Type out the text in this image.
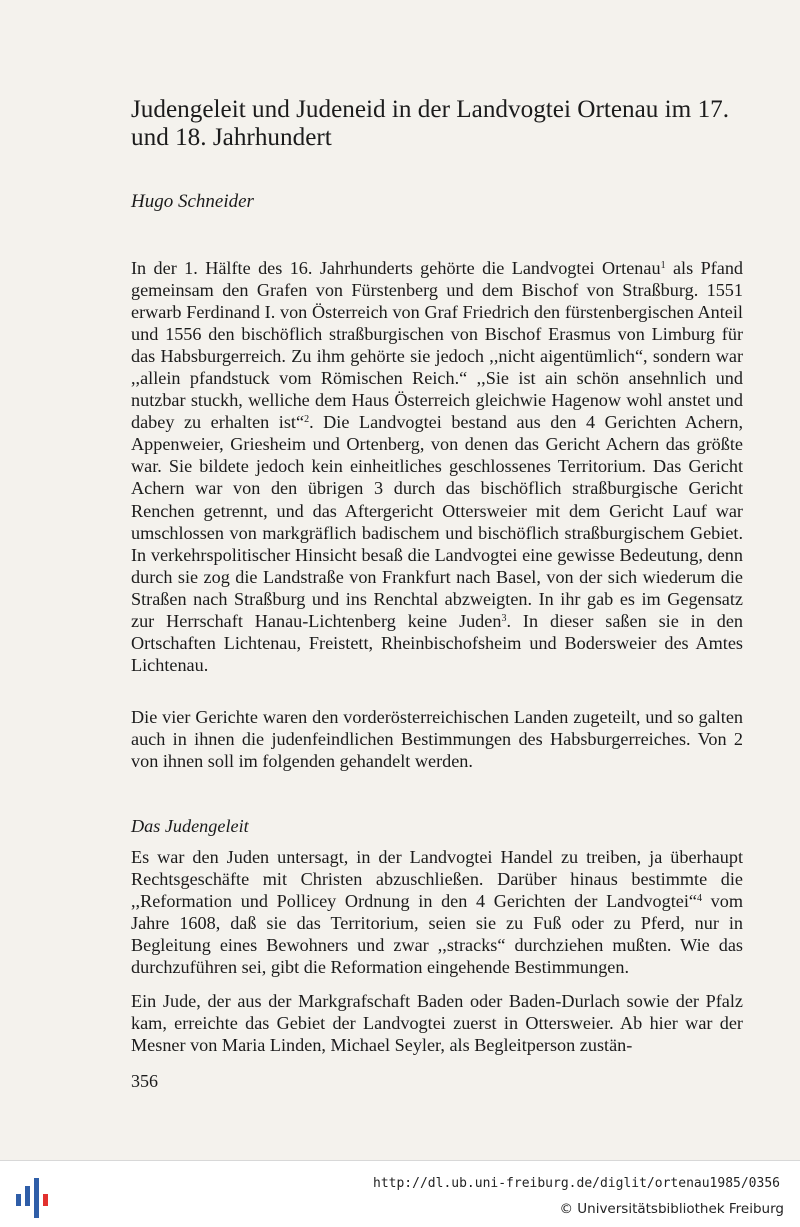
Judengeleit und Judeneid in der Landvogtei Ortenau im 17. und 18. Jahrhundert
Hugo Schneider

In der 1. Hälfte des 16. Jahrhunderts gehörte die Landvogtei Ortenau$^1$ als Pfand gemeinsam den Grafen von Fürstenberg und dem Bischof von Straßburg. 1551 erwarb Ferdinand I. von Österreich von Graf Friedrich den fürstenbergischen Anteil und 1556 den bischöflich straßburgischen von Bischof Erasmus von Limburg für das Habsburgerreich. Zu ihm gehörte sie jedoch ,,nicht aigentümlich“, sondern war ,,allein pfandstuck vom Römischen Reich.“ ,,Sie ist ain schön ansehnlich und nutzbar stuckh, welliche dem Haus Österreich gleichwie Hagenow wohl anstet und dabey zu erhalten ist“$^2$. Die Landvogtei bestand aus den 4 Gerichten Achern, Appenweier, Griesheim und Ortenberg, von denen das Gericht Achern das größte war. Sie bildete jedoch kein einheitliches geschlossenes Territorium. Das Gericht Achern war von den übrigen 3 durch das bischöflich straßburgische Gericht Renchen getrennt, und das Aftergericht Ottersweier mit dem Gericht Lauf war umschlossen von markgräflich badischem und bischöflich straßburgischem Gebiet. In verkehrspolitischer Hinsicht besaß die Landvogtei eine gewisse Bedeutung, denn durch sie zog die Landstraße von Frankfurt nach Basel, von der sich wiederum die Straßen nach Straßburg und ins Renchtal abzweigten. In ihr gab es im Gegensatz zur Herrschaft Hanau-Lichtenberg keine Juden$^3$. In dieser saßen sie in den Ortschaften Lichtenau, Freistett, Rheinbischofsheim und Bodersweier des Amtes Lichtenau.

Die vier Gerichte waren den vorderösterreichischen Landen zugeteilt, und so galten auch in ihnen die judenfeindlichen Bestimmungen des Habsburgerreiches. Von 2 von ihnen soll im folgenden gehandelt werden.

Das Judengeleit

Es war den Juden untersagt, in der Landvogtei Handel zu treiben, ja überhaupt Rechtsgeschäfte mit Christen abzuschließen. Darüber hinaus bestimmte die ,,Reformation und Pollicey Ordnung in den 4 Gerichten der Landvogtei“$^4$ vom Jahre 1608, daß sie das Territorium, seien sie zu Fuß oder zu Pferd, nur in Begleitung eines Bewohners und zwar ,,stracks“ durchziehen mußten. Wie das durchzuführen sei, gibt die Reformation eingehende Bestimmungen.

Ein Jude, der aus der Markgrafschaft Baden oder Baden-Durlach sowie der Pfalz kam, erreichte das Gebiet der Landvogtei zuerst in Ottersweier. Ab hier war der Mesner von Maria Linden, Michael Seyler, als Begleitperson zustän-

356
http://dl.ub.uni-freiburg.de/diglit/ortenau1985/0356
© Universitätsbibliothek Freiburg
